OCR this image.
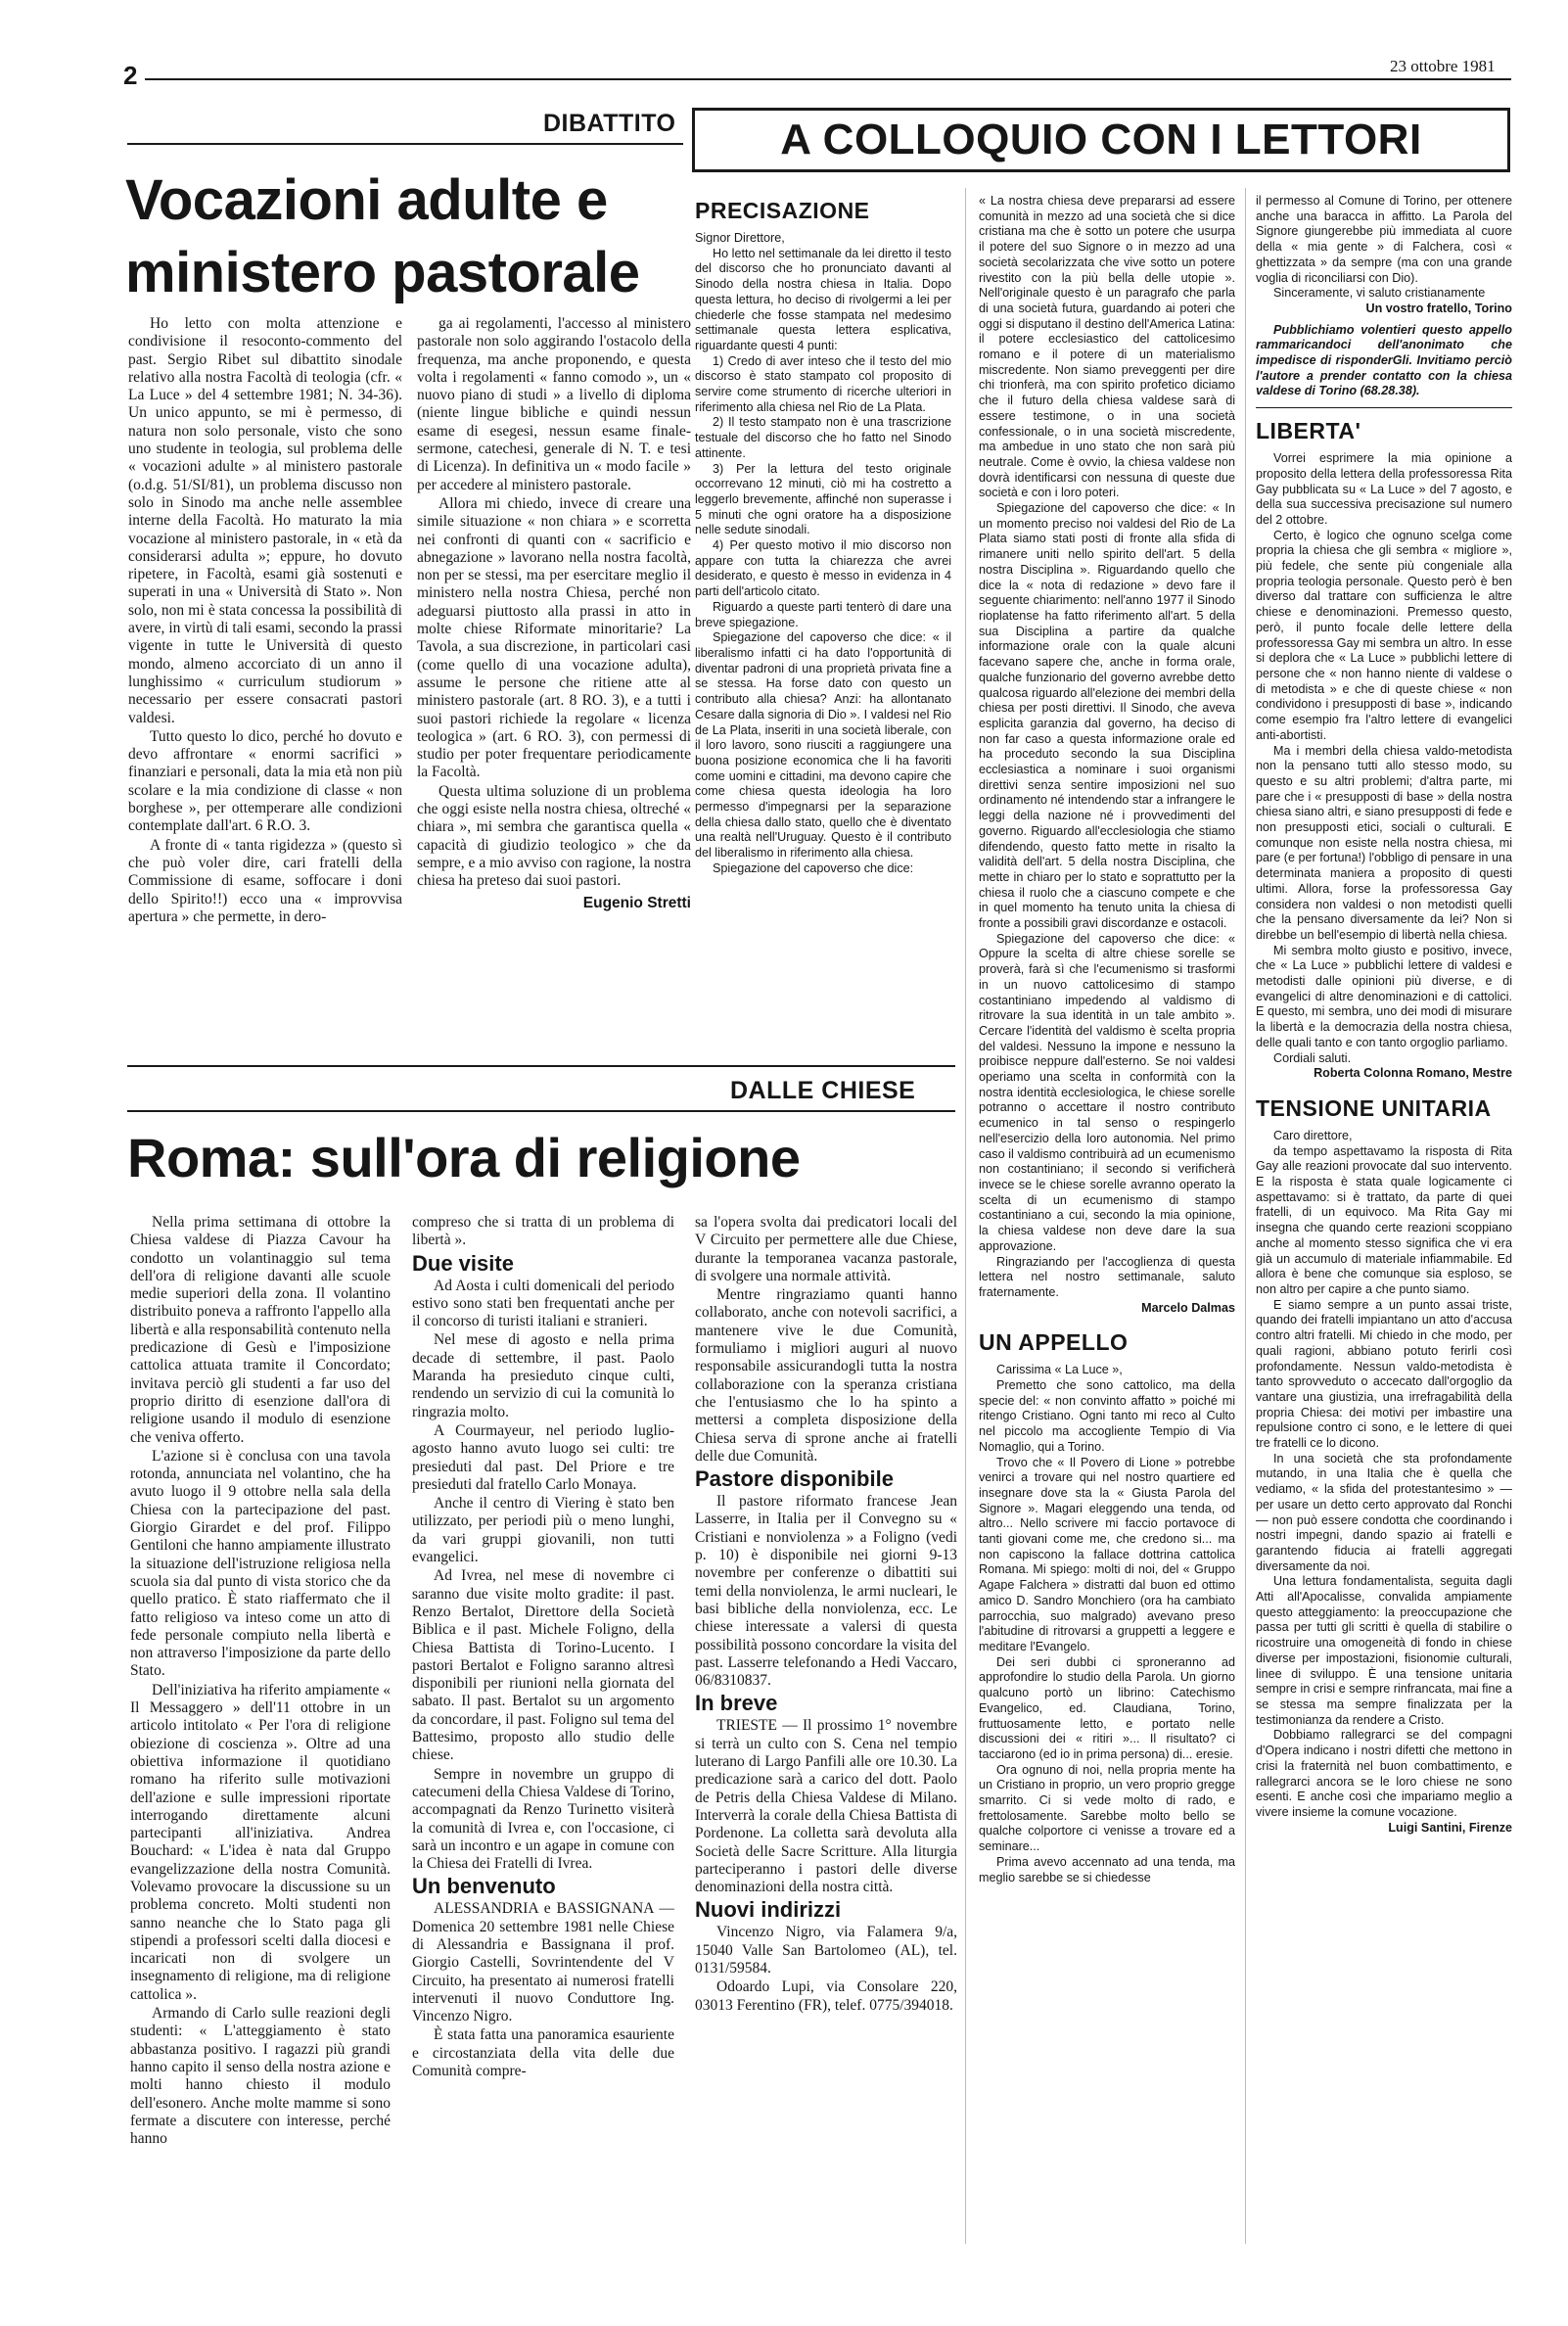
2	23 ottobre 1981
DIBATTITO
Vocazioni adulte e
ministero pastorale

Ho letto con molta attenzione e condivisione il resoconto-commento del past. Sergio Ribet sul dibattito sinodale relativo alla nostra Facoltà di teologia (cfr. « La Luce » del 4 settembre 1981; N. 34-36). Un unico appunto, se mi è permesso, di natura non solo personale, visto che sono uno studente in teologia, sul problema delle « vocazioni adulte » al ministero pastorale (o.d.g. 51/SI/81), un problema discusso non solo in Sinodo ma anche nelle assemblee interne della Facoltà. Ho maturato la mia vocazione al ministero pastorale, in « età da considerarsi adulta »; eppure, ho dovuto ripetere, in Facoltà, esami già sostenuti e superati in una « Università di Stato ». Non solo, non mi è stata concessa la possibilità di avere, in virtù di tali esami, secondo la prassi vigente in tutte le Università di questo mondo, almeno accorciato di un anno il lunghissimo « curriculum studiorum » necessario per essere consacrati pastori valdesi.

Tutto questo lo dico, perché ho dovuto e devo affrontare « enormi sacrifici » finanziari e personali, data la mia età non più scolare e la mia condizione di classe « non borghese », per ottemperare alle condizioni contemplate dall'art. 6 R.O. 3.

A fronte di « tanta rigidezza » (questo sì che può voler dire, cari fratelli della Commissione di esame, soffocare i doni dello Spirito!!) ecco una « improvvisa apertura » che permette, in dero-

ga ai regolamenti, l'accesso al ministero pastorale non solo aggirando l'ostacolo della frequenza, ma anche proponendo, e questa volta i regolamenti « fanno comodo », un « nuovo piano di studi » a livello di diploma (niente lingue bibliche e quindi nessun esame di esegesi, nessun esame finale-sermone, catechesi, generale di N. T. e tesi di Licenza). In definitiva un « modo facile » per accedere al ministero pastorale.

Allora mi chiedo, invece di creare una simile situazione « non chiara » e scorretta nei confronti di quanti con « sacrificio e abnegazione » lavorano nella nostra facoltà, non per se stessi, ma per esercitare meglio il ministero nella nostra Chiesa, perché non adeguarsi piuttosto alla prassi in atto in molte chiese Riformate minoritarie? La Tavola, a sua discrezione, in particolari casi (come quello di una vocazione adulta), assume le persone che ritiene atte al ministero pastorale (art. 8 RO. 3), e a tutti i suoi pastori richiede la regolare « licenza teologica » (art. 6 RO. 3), con permessi di studio per poter frequentare periodicamente la Facoltà.

Questa ultima soluzione di un problema che oggi esiste nella nostra chiesa, oltreché « chiara », mi sembra che garantisca quella « capacità di giudizio teologico » che da sempre, e a mio avviso con ragione, la nostra chiesa ha preteso dai suoi pastori.

Eugenio Stretti

DALLE CHIESE
Roma: sull'ora di religione

Nella prima settimana di ottobre la Chiesa valdese di Piazza Cavour ha condotto un volantinaggio sul tema dell'ora di religione davanti alle scuole medie superiori della zona. Il volantino distribuito poneva a raffronto l'appello alla libertà e alla responsabilità contenuto nella predicazione di Gesù e l'imposizione cattolica attuata tramite il Concordato; invitava perciò gli studenti a far uso del proprio diritto di esenzione dall'ora di religione usando il modulo di esenzione che veniva offerto.

L'azione si è conclusa con una tavola rotonda, annunciata nel volantino, che ha avuto luogo il 9 ottobre nella sala della Chiesa con la partecipazione del past. Giorgio Girardet e del prof. Filippo Gentiloni che hanno ampiamente illustrato la situazione dell'istruzione religiosa nella scuola sia dal punto di vista storico che da quello pratico. È stato riaffermato che il fatto religioso va inteso come un atto di fede personale compiuto nella libertà e non attraverso l'imposizione da parte dello Stato.

Dell'iniziativa ha riferito ampiamente « Il Messaggero » dell'11 ottobre in un articolo intitolato « Per l'ora di religione obiezione di coscienza ». Oltre ad una obiettiva informazione il quotidiano romano ha riferito sulle motivazioni dell'azione e sulle impressioni riportate interrogando direttamente alcuni partecipanti all'iniziativa. Andrea Bouchard: « L'idea è nata dal Gruppo evangelizzazione della nostra Comunità. Volevamo provocare la discussione su un problema concreto. Molti studenti non sanno neanche che lo Stato paga gli stipendi a professori scelti dalla diocesi e incaricati non di svolgere un insegnamento di religione, ma di religione cattolica ».

Armando di Carlo sulle reazioni degli studenti: « L'atteggiamento è stato abbastanza positivo. I ragazzi più grandi hanno capito il senso della nostra azione e molti hanno chiesto il modulo dell'esonero. Anche molte mamme si sono fermate a discutere con interesse, perché hanno

compreso che si tratta di un problema di libertà ».

Due visite

Ad Aosta i culti domenicali del periodo estivo sono stati ben frequentati anche per il concorso di turisti italiani e stranieri.

Nel mese di agosto e nella prima decade di settembre, il past. Paolo Maranda ha presieduto cinque culti, rendendo un servizio di cui la comunità lo ringrazia molto.

A Courmayeur, nel periodo luglio-agosto hanno avuto luogo sei culti: tre presieduti dal past. Del Priore e tre presieduti dal fratello Carlo Monaya.

Anche il centro di Viering è stato ben utilizzato, per periodi più o meno lunghi, da vari gruppi giovanili, non tutti evangelici.

Ad Ivrea, nel mese di novembre ci saranno due visite molto gradite: il past. Renzo Bertalot, Direttore della Società Biblica e il past. Michele Foligno, della Chiesa Battista di Torino-Lucento. I pastori Bertalot e Foligno saranno altresì disponibili per riunioni nella giornata del sabato. Il past. Bertalot su un argomento da concordare, il past. Foligno sul tema del Battesimo, proposto allo studio delle chiese.

Sempre in novembre un gruppo di catecumeni della Chiesa Valdese di Torino, accompagnati da Renzo Turinetto visiterà la comunità di Ivrea e, con l'occasione, ci sarà un incontro e un agape in comune con la Chiesa dei Fratelli di Ivrea.

Un benvenuto

ALESSANDRIA e BASSIGNANA — Domenica 20 settembre 1981 nelle Chiese di Alessandria e Bassignana il prof. Giorgio Castelli, Sovrintendente del V Circuito, ha presentato ai numerosi fratelli intervenuti il nuovo Conduttore Ing. Vincenzo Nigro.

È stata fatta una panoramica esauriente e circostanziata della vita delle due Comunità compre-

sa l'opera svolta dai predicatori locali del V Circuito per permettere alle due Chiese, durante la temporanea vacanza pastorale, di svolgere una normale attività.

Mentre ringraziamo quanti hanno collaborato, anche con notevoli sacrifici, a mantenere vive le due Comunità, formuliamo i migliori auguri al nuovo responsabile assicurandogli tutta la nostra collaborazione con la speranza cristiana che l'entusiasmo che lo ha spinto a mettersi a completa disposizione della Chiesa serva di sprone anche ai fratelli delle due Comunità.

Pastore disponibile

Il pastore riformato francese Jean Lasserre, in Italia per il Convegno su « Cristiani e nonviolenza » a Foligno (vedi p. 10) è disponibile nei giorni 9-13 novembre per conferenze o dibattiti sui temi della nonviolenza, le armi nucleari, le basi bibliche della nonviolenza, ecc. Le chiese interessate a valersi di questa possibilità possono concordare la visita del past. Lasserre telefonando a Hedi Vaccaro, 06/8310837.

In breve

TRIESTE — Il prossimo 1° novembre si terrà un culto con S. Cena nel tempio luterano di Largo Panfili alle ore 10.30. La predicazione sarà a carico del dott. Paolo de Petris della Chiesa Valdese di Milano. Interverrà la corale della Chiesa Battista di Pordenone. La colletta sarà devoluta alla Società delle Sacre Scritture. Alla liturgia parteciperanno i pastori delle diverse denominazioni della nostra città.

Nuovi indirizzi

Vincenzo Nigro, via Falamera 9/a, 15040 Valle San Bartolomeo (AL), tel. 0131/59584.

Odoardo Lupi, via Consolare 220, 03013 Ferentino (FR), telef. 0775/394018.

A COLLOQUIO CON I LETTORI
PRECISAZIONE

Signor Direttore,

Ho letto nel settimanale da lei diretto il testo del discorso che ho pronunciato davanti al Sinodo della nostra chiesa in Italia. Dopo questa lettura, ho deciso di rivolgermi a lei per chiederle che fosse stampata nel medesimo settimanale questa lettera esplicativa, riguardante questi 4 punti:

1) Credo di aver inteso che il testo del mio discorso è stato stampato col proposito di servire come strumento di ricerche ulteriori in riferimento alla chiesa nel Rio de La Plata.

2) Il testo stampato non è una trascrizione testuale del discorso che ho fatto nel Sinodo attinente.

3) Per la lettura del testo originale occorrevano 12 minuti, ciò mi ha costretto a leggerlo brevemente, affinché non superasse i 5 minuti che ogni oratore ha a disposizione nelle sedute sinodali.

4) Per questo motivo il mio discorso non appare con tutta la chiarezza che avrei desiderato, e questo è messo in evidenza in 4 parti dell'articolo citato.

Riguardo a queste parti tenterò di dare una breve spiegazione.

Spiegazione del capoverso che dice: « il liberalismo infatti ci ha dato l'opportunità di diventar padroni di una proprietà privata fine a se stessa. Ha forse dato con questo un contributo alla chiesa? Anzi: ha allontanato Cesare dalla signoria di Dio ». I valdesi nel Rio de La Plata, inseriti in una società liberale, con il loro lavoro, sono riusciti a raggiungere una buona posizione economica che li ha favoriti come uomini e cittadini, ma devono capire che come chiesa questa ideologia ha loro permesso d'impegnarsi per la separazione della chiesa dallo stato, quello che è diventato una realtà nell'Uruguay. Questo è il contributo del liberalismo in riferimento alla chiesa.

Spiegazione del capoverso che dice:

« La nostra chiesa deve prepararsi ad essere comunità in mezzo ad una società che si dice cristiana ma che è sotto un potere che usurpa il potere del suo Signore o in mezzo ad una società secolarizzata che vive sotto un potere rivestito con la più bella delle utopie ». Nell'originale questo è un paragrafo che parla di una società futura, guardando ai poteri che oggi si disputano il destino dell'America Latina: il potere ecclesiastico del cattolicesimo romano e il potere di un materialismo miscredente. Non siamo preveggenti per dire chi trionferà, ma con spirito profetico diciamo che il futuro della chiesa valdese sarà di essere testimone, o in una società confessionale, o in una società miscredente, ma ambedue in uno stato che non sarà più neutrale. Come è ovvio, la chiesa valdese non dovrà identificarsi con nessuna di queste due società e con i loro poteri.

Spiegazione del capoverso che dice: « In un momento preciso noi valdesi del Rio de La Plata siamo stati posti di fronte alla sfida di rimanere uniti nello spirito dell'art. 5 della nostra Disciplina ». Riguardando quello che dice la « nota di redazione » devo fare il seguente chiarimento: nell'anno 1977 il Sinodo rioplatense ha fatto riferimento all'art. 5 della sua Disciplina a partire da qualche informazione orale con la quale alcuni facevano sapere che, anche in forma orale, qualche funzionario del governo avrebbe detto qualcosa riguardo all'elezione dei membri della chiesa per posti direttivi. Il Sinodo, che aveva esplicita garanzia dal governo, ha deciso di non far caso a questa informazione orale ed ha proceduto secondo la sua Disciplina ecclesiastica a nominare i suoi organismi direttivi senza sentire imposizioni nel suo ordinamento né intendendo star a infrangere le leggi della nazione né i provvedimenti del governo. Riguardo all'ecclesiologia che stiamo difendendo, questo fatto mette in risalto la validità dell'art. 5 della nostra Disciplina, che mette in chiaro per lo stato e soprattutto per la chiesa il ruolo che a ciascuno compete e che in quel momento ha tenuto unita la chiesa di fronte a possibili gravi discordanze e ostacoli.

Spiegazione del capoverso che dice: « Oppure la scelta di altre chiese sorelle se proverà, farà sì che l'ecumenismo si trasformi in un nuovo cattolicesimo di stampo costantiniano impedendo al valdismo di ritrovare la sua identità in un tale ambito ». Cercare l'identità del valdismo è scelta propria del valdesi. Nessuno la impone e nessuno la proibisce neppure dall'esterno. Se noi valdesi operiamo una scelta in conformità con la nostra identità ecclesiologica, le chiese sorelle potranno o accettare il nostro contributo ecumenico in tal senso o respingerlo nell'esercizio della loro autonomia. Nel primo caso il valdismo contribuirà ad un ecumenismo non costantiniano; il secondo si verificherà invece se le chiese sorelle avranno operato la scelta di un ecumenismo di stampo costantiniano a cui, secondo la mia opinione, la chiesa valdese non deve dare la sua approvazione.

Ringraziando per l'accoglienza di questa lettera nel nostro settimanale, saluto fraternamente.

Marcelo Dalmas

UN APPELLO

Carissima « La Luce »,

Premetto che sono cattolico, ma della specie del: « non convinto affatto » poiché mi ritengo Cristiano. Ogni tanto mi reco al Culto nel piccolo ma accogliente Tempio di Via Nomaglio, qui a Torino.

Trovo che « Il Povero di Lione » potrebbe venirci a trovare qui nel nostro quartiere ed insegnare dove sta la « Giusta Parola del Signore ». Magari eleggendo una tenda, od altro... Nello scrivere mi faccio portavoce di tanti giovani come me, che credono si... ma non capiscono la fallace dottrina cattolica Romana. Mi spiego: molti di noi, del « Gruppo Agape Falchera » distratti dal buon ed ottimo amico D. Sandro Monchiero (ora ha cambiato parrocchia, suo malgrado) avevano preso l'abitudine di ritrovarsi a gruppetti a leggere e meditare l'Evangelo.

Dei seri dubbi ci sproneranno ad approfondire lo studio della Parola. Un giorno qualcuno portò un librino: Catechismo Evangelico, ed. Claudiana, Torino, fruttuosamente letto, e portato nelle discussioni dei « ritiri »... Il risultato? ci tacciarono (ed io in prima persona) di... eresie.

Ora ognuno di noi, nella propria mente ha un Cristiano in proprio, un vero proprio gregge smarrito. Ci si vede molto di rado, e frettolosamente. Sarebbe molto bello se qualche colportore ci venisse a trovare ed a seminare...

Prima avevo accennato ad una tenda, ma meglio sarebbe se si chiedesse

il permesso al Comune di Torino, per ottenere anche una baracca in affitto. La Parola del Signore giungerebbe più immediata al cuore della « mia gente » di Falchera, così « ghettizzata » da sempre (ma con una grande voglia di riconciliarsi con Dio).

Sinceramente, vi saluto cristianamente

Un vostro fratello, Torino

Pubblichiamo volentieri questo appello rammaricandoci dell'anonimato che impedisce di risponderGli. Invitiamo perciò l'autore a prender contatto con la chiesa valdese di Torino (68.28.38).

LIBERTA'

Vorrei esprimere la mia opinione a proposito della lettera della professoressa Rita Gay pubblicata su « La Luce » del 7 agosto, e della sua successiva precisazione sul numero del 2 ottobre.

Certo, è logico che ognuno scelga come propria la chiesa che gli sembra « migliore », più fedele, che sente più congeniale alla propria teologia personale. Questo però è ben diverso dal trattare con sufficienza le altre chiese e denominazioni. Premesso questo, però, il punto focale delle lettere della professoressa Gay mi sembra un altro. In esse si deplora che « La Luce » pubblichi lettere di persone che « non hanno niente di valdese o di metodista » e che di queste chiese « non condividono i presupposti di base », indicando come esempio fra l'altro lettere di evangelici anti-abortisti.

Ma i membri della chiesa valdo-metodista non la pensano tutti allo stesso modo, su questo e su altri problemi; d'altra parte, mi pare che i « presupposti di base » della nostra chiesa siano altri, e siano presupposti di fede e non presupposti etici, sociali o culturali. E comunque non esiste nella nostra chiesa, mi pare (e per fortuna!) l'obbligo di pensare in una determinata maniera a proposito di questi ultimi. Allora, forse la professoressa Gay considera non valdesi o non metodisti quelli che la pensano diversamente da lei? Non si direbbe un bell'esempio di libertà nella chiesa.

Mi sembra molto giusto e positivo, invece, che « La Luce » pubblichi lettere di valdesi e metodisti dalle opinioni più diverse, e di evangelici di altre denominazioni e di cattolici. E questo, mi sembra, uno dei modi di misurare la libertà e la democrazia della nostra chiesa, delle quali tanto e con tanto orgoglio parliamo.

Cordiali saluti.

Roberta Colonna Romano, Mestre

TENSIONE UNITARIA

Caro direttore,

da tempo aspettavamo la risposta di Rita Gay alle reazioni provocate dal suo intervento. E la risposta è stata quale logicamente ci aspettavamo: si è trattato, da parte di quei fratelli, di un equivoco. Ma Rita Gay mi insegna che quando certe reazioni scoppiano anche al momento stesso significa che vi era già un accumulo di materiale infiammabile. Ed allora è bene che comunque sia esploso, se non altro per capire a che punto siamo.

E siamo sempre a un punto assai triste, quando dei fratelli impiantano un atto d'accusa contro altri fratelli. Mi chiedo in che modo, per quali ragioni, abbiano potuto ferirli così profondamente. Nessun valdo-metodista è tanto sprovveduto o accecato dall'orgoglio da vantare una giustizia, una irrefragabilità della propria Chiesa: dei motivi per imbastire una repulsione contro ci sono, e le lettere di quei tre fratelli ce lo dicono.

In una società che sta profondamente mutando, in una Italia che è quella che vediamo, « la sfida del protestantesimo » — per usare un detto certo approvato dal Ronchi — non può essere condotta che coordinando i nostri impegni, dando spazio ai fratelli e garantendo fiducia ai fratelli aggregati diversamente da noi.

Una lettura fondamentalista, seguita dagli Atti all'Apocalisse, convalida ampiamente questo atteggiamento: la preoccupazione che passa per tutti gli scritti è quella di stabilire o ricostruire una omogeneità di fondo in chiese diverse per impostazioni, fisionomie culturali, linee di sviluppo. È una tensione unitaria sempre in crisi e sempre rinfrancata, mai fine a se stessa ma sempre finalizzata per la testimonianza da rendere a Cristo.

Dobbiamo rallegrarci se del compagni d'Opera indicano i nostri difetti che mettono in crisi la fraternità nel buon combattimento, e rallegrarci ancora se le loro chiese ne sono esenti. E anche così che impariamo meglio a vivere insieme la comune vocazione.

Luigi Santini, Firenze
